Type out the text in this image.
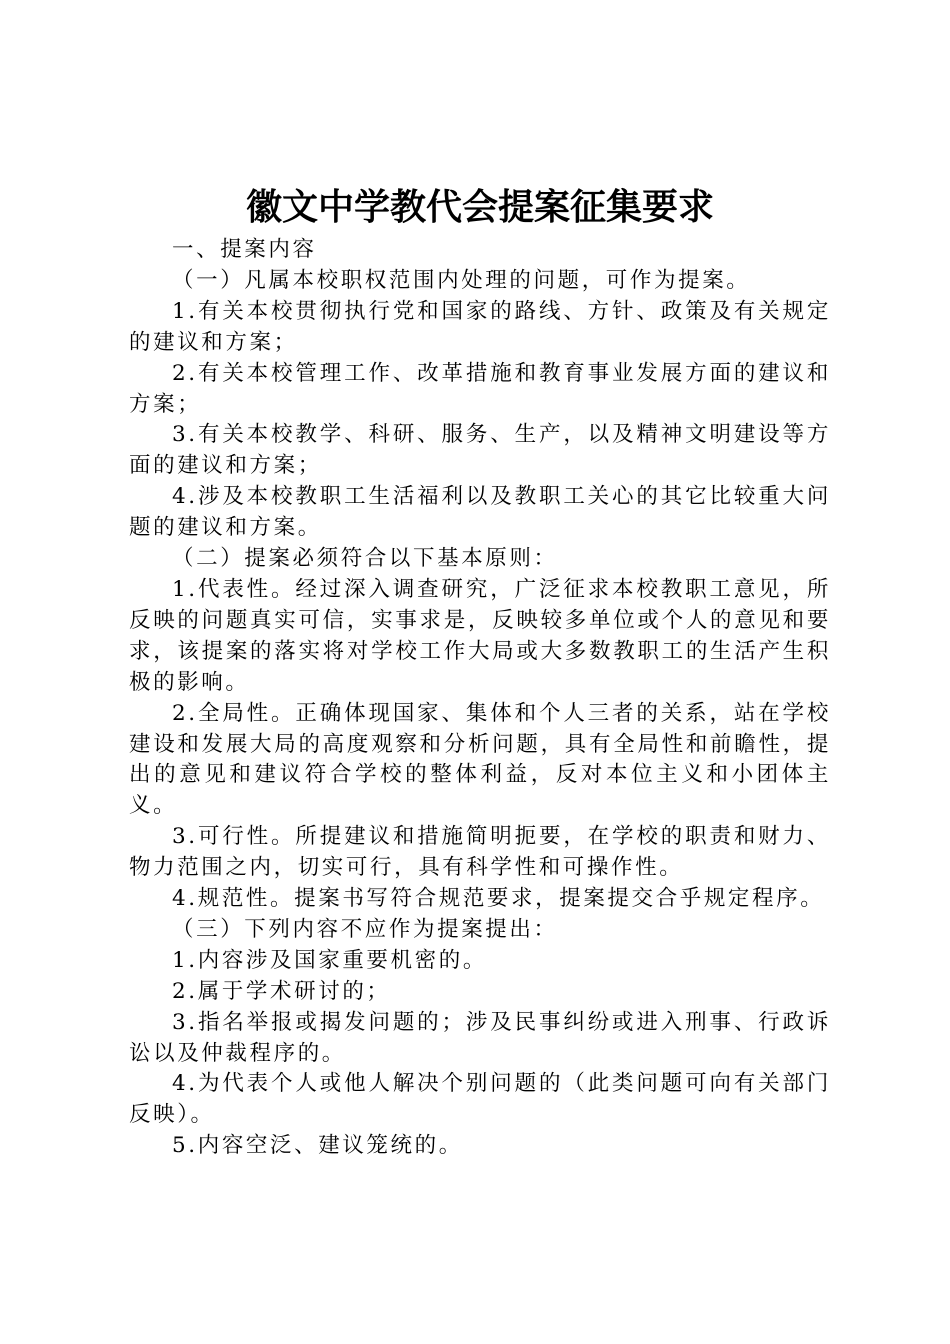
徽文中学教代会提案征集要求

一、提案内容

（一）凡属本校职权范围内处理的问题，可作为提案。

1.有关本校贯彻执行党和国家的路线、方针、政策及有关规定的建议和方案；

2.有关本校管理工作、改革措施和教育事业发展方面的建议和方案；

3.有关本校教学、科研、服务、生产，以及精神文明建设等方面的建议和方案；

4.涉及本校教职工生活福利以及教职工关心的其它比较重大问题的建议和方案。

（二）提案必须符合以下基本原则：

1.代表性。经过深入调查研究，广泛征求本校教职工意见，所反映的问题真实可信，实事求是，反映较多单位或个人的意见和要求，该提案的落实将对学校工作大局或大多数教职工的生活产生积极的影响。

2.全局性。正确体现国家、集体和个人三者的关系，站在学校建设和发展大局的高度观察和分析问题，具有全局性和前瞻性，提出的意见和建议符合学校的整体利益，反对本位主义和小团体主义。

3.可行性。所提建议和措施简明扼要，在学校的职责和财力、物力范围之内，切实可行，具有科学性和可操作性。

4.规范性。提案书写符合规范要求，提案提交合乎规定程序。

（三）下列内容不应作为提案提出：

1.内容涉及国家重要机密的。

2.属于学术研讨的；

3.指名举报或揭发问题的；涉及民事纠纷或进入刑事、行政诉讼以及仲裁程序的。

4.为代表个人或他人解决个别问题的（此类问题可向有关部门反映）。

5.内容空泛、建议笼统的。
